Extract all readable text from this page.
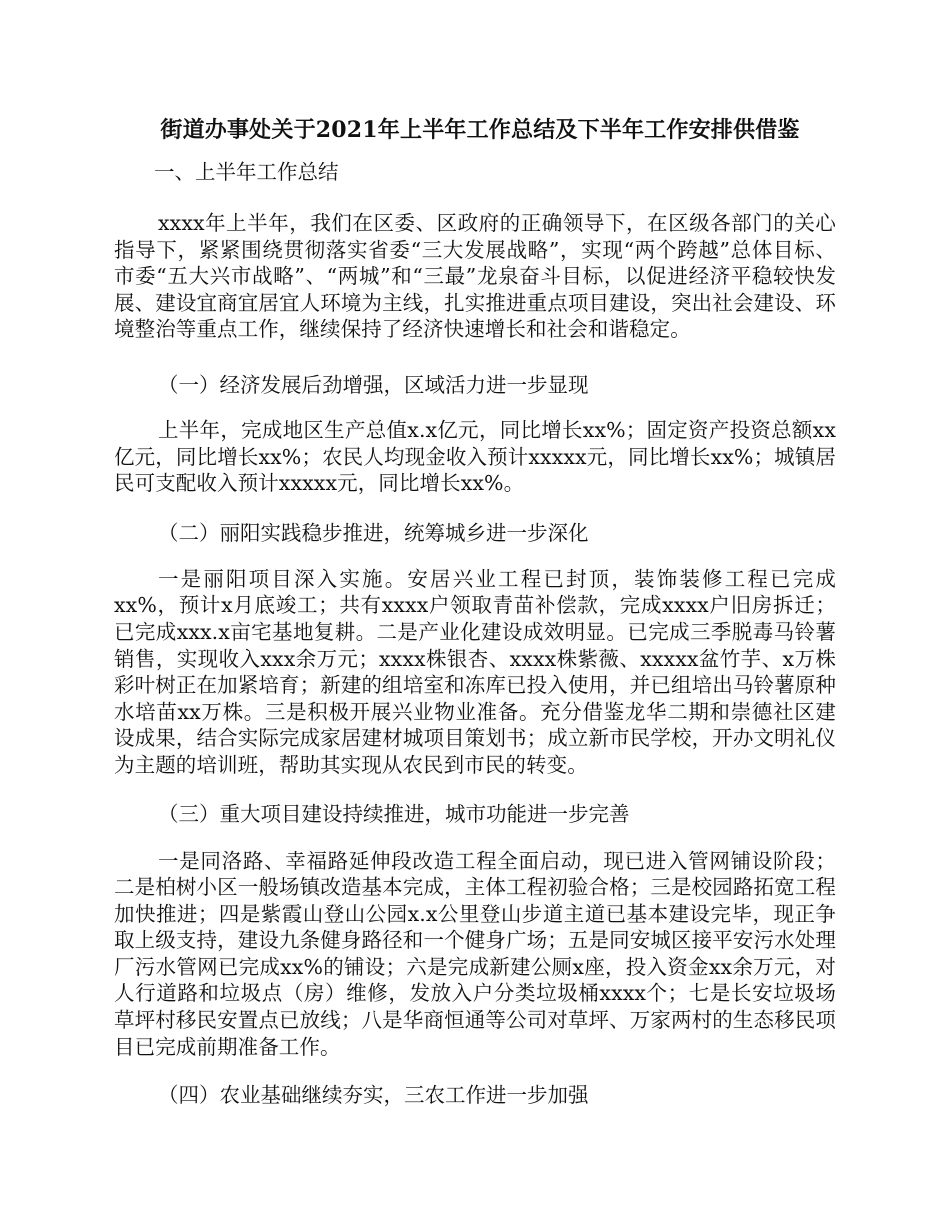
街道办事处关于2021年上半年工作总结及下半年工作安排供借鉴

一、上半年工作总结

xxxx年上半年，我们在区委、区政府的正确领导下，在区级各部门的关心指导下，紧紧围绕贯彻落实省委“三大发展战略”，实现“两个跨越”总体目标、市委“五大兴市战略”、“两城”和“三最”龙泉奋斗目标，以促进经济平稳较快发展、建设宜商宜居宜人环境为主线，扎实推进重点项目建设，突出社会建设、环境整治等重点工作，继续保持了经济快速增长和社会和谐稳定。

（一）经济发展后劲增强，区域活力进一步显现

上半年，完成地区生产总值x.x亿元，同比增长xx%；固定资产投资总额xx亿元，同比增长xx%；农民人均现金收入预计xxxxx元，同比增长xx%；城镇居民可支配收入预计xxxxx元，同比增长xx%。

（二）丽阳实践稳步推进，统筹城乡进一步深化

一是丽阳项目深入实施。安居兴业工程已封顶，装饰装修工程已完成xx%，预计x月底竣工；共有xxxx户领取青苗补偿款，完成xxxx户旧房拆迁；已完成xxx.x亩宅基地复耕。二是产业化建设成效明显。已完成三季脱毒马铃薯销售，实现收入xxx余万元；xxxx株银杏、xxxx株紫薇、xxxxx盆竹芋、x万株彩叶树正在加紧培育；新建的组培室和冻库已投入使用，并已组培出马铃薯原种水培苗xx万株。三是积极开展兴业物业准备。充分借鉴龙华二期和崇德社区建设成果，结合实际完成家居建材城项目策划书；成立新市民学校，开办文明礼仪为主题的培训班，帮助其实现从农民到市民的转变。

（三）重大项目建设持续推进，城市功能进一步完善

一是同洛路、幸福路延伸段改造工程全面启动，现已进入管网铺设阶段；二是柏树小区一般场镇改造基本完成，主体工程初验合格；三是校园路拓宽工程加快推进；四是紫霞山登山公园x.x公里登山步道主道已基本建设完毕，现正争取上级支持，建设九条健身路径和一个健身广场；五是同安城区接平安污水处理厂污水管网已完成xx%的铺设；六是完成新建公厕x座，投入资金xx余万元，对人行道路和垃圾点（房）维修，发放入户分类垃圾桶xxxx个；七是长安垃圾场草坪村移民安置点已放线；八是华商恒通等公司对草坪、万家两村的生态移民项目已完成前期准备工作。

（四）农业基础继续夯实，三农工作进一步加强
